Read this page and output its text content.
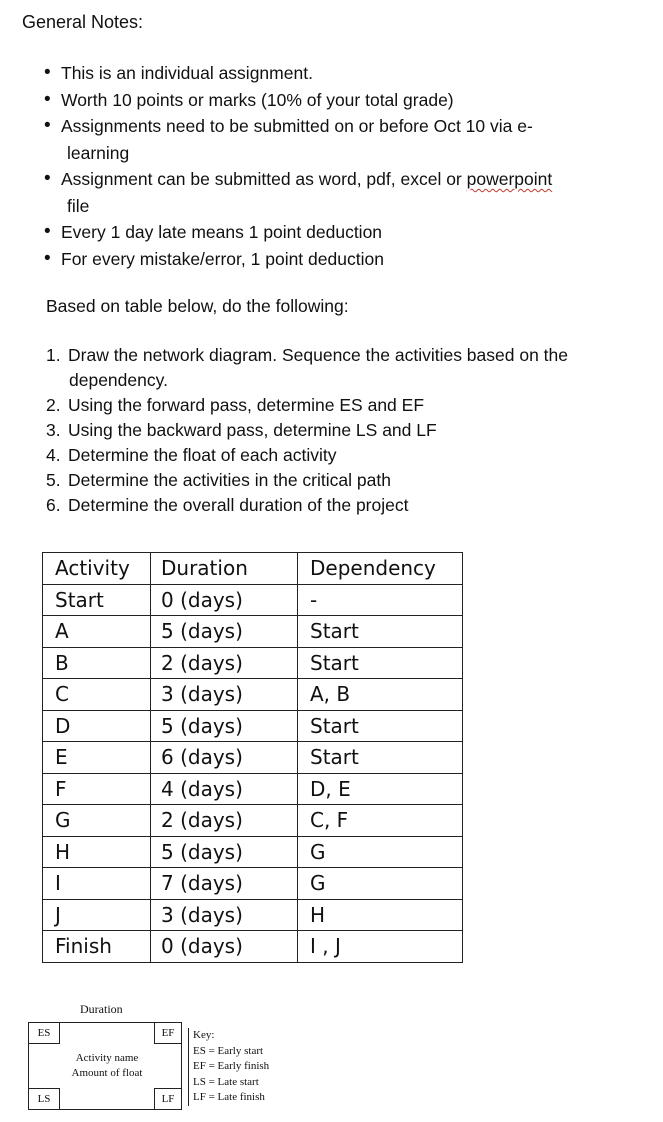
General Notes:
• This is an individual assignment.
• Worth 10 points or marks (10% of your total grade)
• Assignments need to be submitted on or before Oct 10 via e-
learning
• Assignment can be submitted as word, pdf, excel or powerpoint
file
• Every 1 day late means 1 point deduction
• For every mistake/error, 1 point deduction
Based on table below, do the following:
1. Draw the network diagram. Sequence the activities based on the
dependency.
2. Using the forward pass, determine ES and EF
3. Using the backward pass, determine LS and LF
4. Determine the float of each activity
5. Determine the activities in the critical path
6. Determine the overall duration of the project
Activity	Duration	Dependency
Start	0 (days)	-
A	5 (days)	Start
B	2 (days)	Start
C	3 (days)	A, B
D	5 (days)	Start
E	6 (days)	Start
F	4 (days)	D, E
G	2 (days)	C, F
H	5 (days)	G
I	7 (days)	G
J	3 (days)	H
Finish	0 (days)	I , J
Duration
ES	EF
Activity name
Amount of float
LS	LF
Key:
ES = Early start
EF = Early finish
LS = Late start
LF = Late finish
